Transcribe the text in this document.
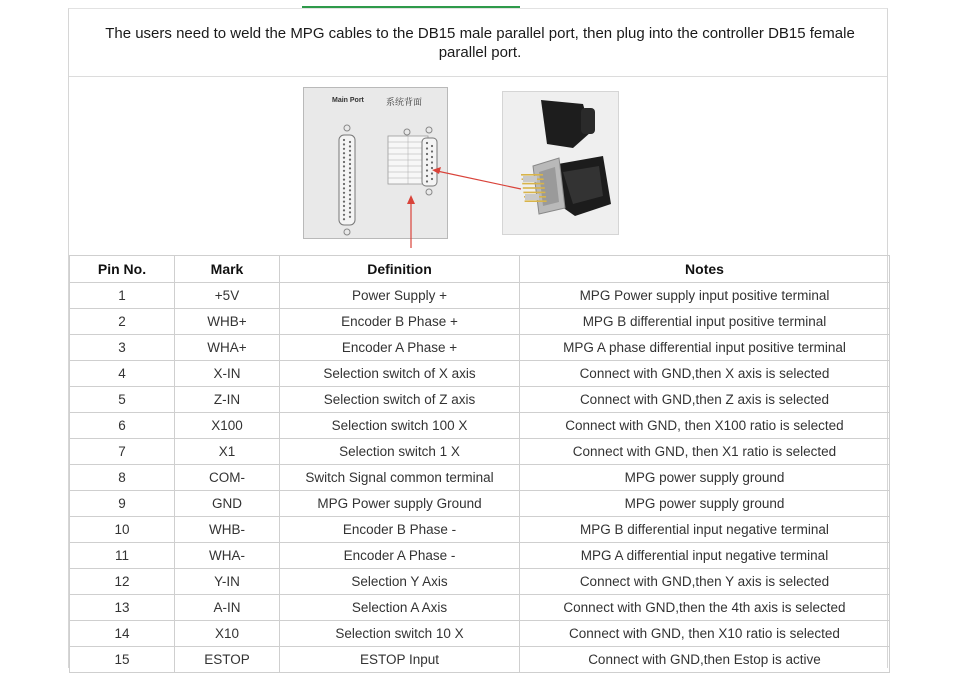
The users need to weld the MPG cables to the DB15 male parallel port, then plug into the controller DB15 female parallel port.
Main Port 系统背面
Pin No.	Mark	Definition	Notes
1	+5V	Power Supply +	MPG Power supply input positive terminal
2	WHB+	Encoder B Phase +	MPG B differential input positive terminal
3	WHA+	Encoder A Phase +	MPG A phase differential input positive terminal
4	X-IN	Selection switch of X axis	Connect with GND,then X axis is selected
5	Z-IN	Selection switch of Z axis	Connect with GND,then Z axis is selected
6	X100	Selection switch 100 X	Connect with GND, then X100 ratio is selected
7	X1	Selection switch 1 X	Connect with GND, then X1 ratio is selected
8	COM-	Switch Signal common terminal	MPG power supply ground
9	GND	MPG Power supply Ground	MPG power supply ground
10	WHB-	Encoder B Phase -	MPG B differential input negative terminal
11	WHA-	Encoder A Phase -	MPG A differential input negative terminal
12	Y-IN	Selection Y Axis	Connect with GND,then Y axis is selected
13	A-IN	Selection A Axis	Connect with GND,then the 4th axis is selected
14	X10	Selection switch 10 X	Connect with GND, then X10 ratio is selected
15	ESTOP	ESTOP Input	Connect with GND,then Estop is active
